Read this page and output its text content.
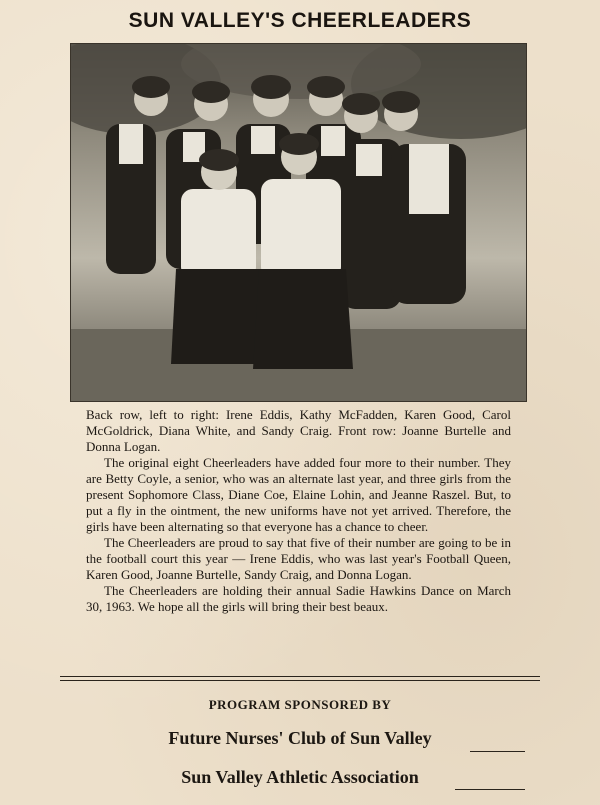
SUN VALLEY'S CHEERLEADERS

Back row, left to right: Irene Eddis, Kathy McFadden, Karen Good, Carol McGoldrick, Diana White, and Sandy Craig. Front row: Joanne Burtelle and Donna Logan.

The original eight Cheerleaders have added four more to their number. They are Betty Coyle, a senior, who was an alternate last year, and three girls from the present Sophomore Class, Diane Coe, Elaine Lohin, and Jeanne Raszel. But, to put a fly in the ointment, the new uniforms have not yet arrived. Therefore, the girls have been alternating so that everyone has a chance to cheer.

The Cheerleaders are proud to say that five of their number are going to be in the football court this year — Irene Eddis, who was last year's Football Queen, Karen Good, Joanne Burtelle, Sandy Craig, and Donna Logan.

The Cheerleaders are holding their annual Sadie Hawkins Dance on March 30, 1963. We hope all the girls will bring their best beaux.

PROGRAM SPONSORED BY
Future Nurses' Club of Sun Valley
Sun Valley Athletic Association
